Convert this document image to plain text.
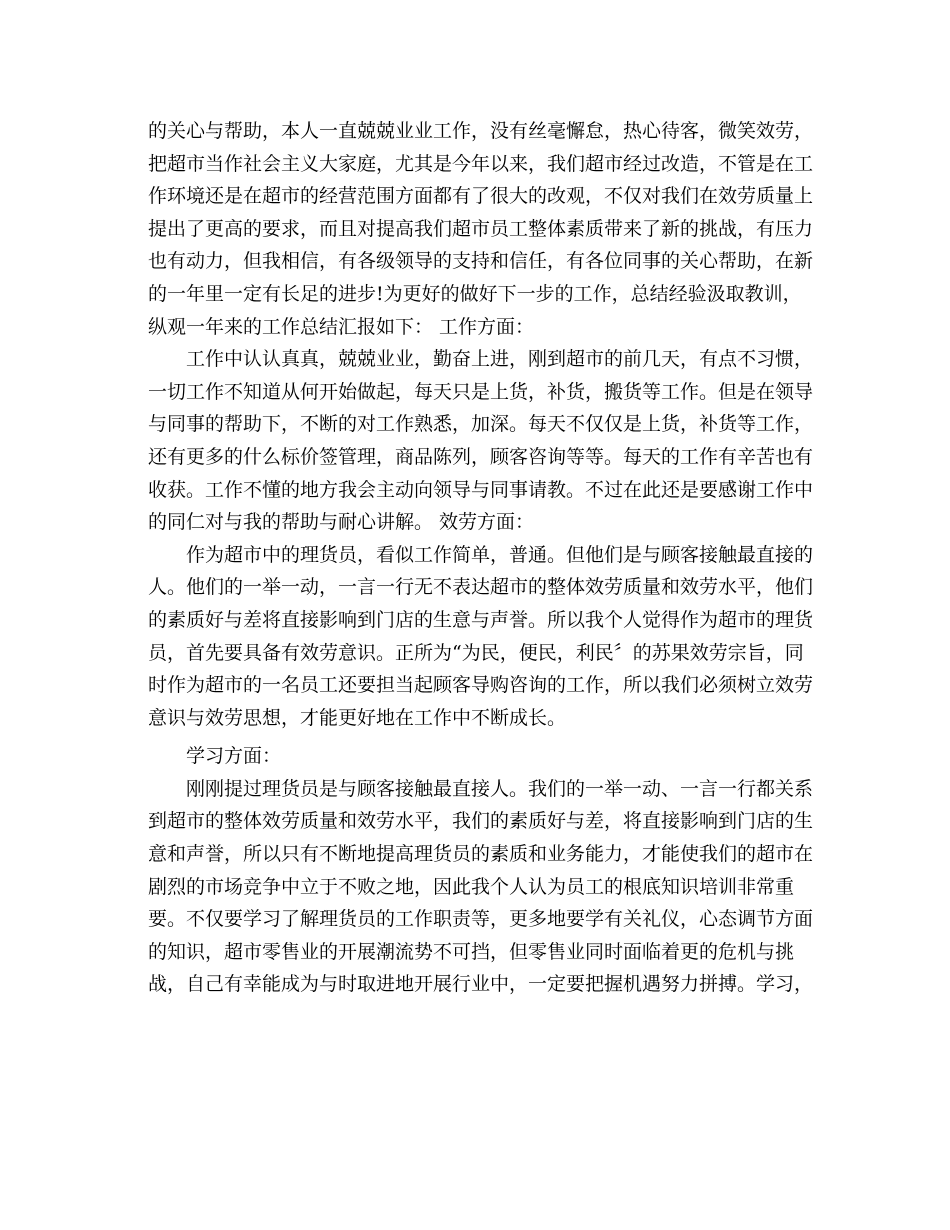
的关心与帮助，本人一直兢兢业业工作，没有丝毫懈怠，热心待客，微笑效劳，
把超市当作社会主义大家庭，尤其是今年以来，我们超市经过改造，不管是在工
作环境还是在超市的经营范围方面都有了很大的改观，不仅对我们在效劳质量上
提出了更高的要求，而且对提高我们超市员工整体素质带来了新的挑战，有压力
也有动力，但我相信，有各级领导的支持和信任，有各位同事的关心帮助，在新
的一年里一定有长足的进步!为更好的做好下一步的工作，总结经验汲取教训，
纵观一年来的工作总结汇报如下： 工作方面：
工作中认认真真，兢兢业业，勤奋上进，刚到超市的前几天，有点不习惯，
一切工作不知道从何开始做起，每天只是上货，补货，搬货等工作。但是在领导
与同事的帮助下，不断的对工作熟悉，加深。每天不仅仅是上货，补货等工作，
还有更多的什么标价签管理，商品陈列，顾客咨询等等。每天的工作有辛苦也有
收获。工作不懂的地方我会主动向领导与同事请教。不过在此还是要感谢工作中
的同仁对与我的帮助与耐心讲解。 效劳方面：
作为超市中的理货员，看似工作简单，普通。但他们是与顾客接触最直接的
人。他们的一举一动，一言一行无不表达超市的整体效劳质量和效劳水平，他们
的素质好与差将直接影响到门店的生意与声誉。所以我个人觉得作为超市的理货
员，首先要具备有效劳意识。正所为“为民，便民，利民〞的苏果效劳宗旨，同
时作为超市的一名员工还要担当起顾客导购咨询的工作，所以我们必须树立效劳
意识与效劳思想，才能更好地在工作中不断成长。
学习方面：
刚刚提过理货员是与顾客接触最直接人。我们的一举一动、一言一行都关系
到超市的整体效劳质量和效劳水平，我们的素质好与差，将直接影响到门店的生
意和声誉，所以只有不断地提高理货员的素质和业务能力，才能使我们的超市在
剧烈的市场竞争中立于不败之地，因此我个人认为员工的根底知识培训非常重
要。不仅要学习了解理货员的工作职责等，更多地要学有关礼仪，心态调节方面
的知识，超市零售业的开展潮流势不可挡，但零售业同时面临着更的危机与挑
战，自己有幸能成为与时取进地开展行业中，一定要把握机遇努力拼搏。学习，
